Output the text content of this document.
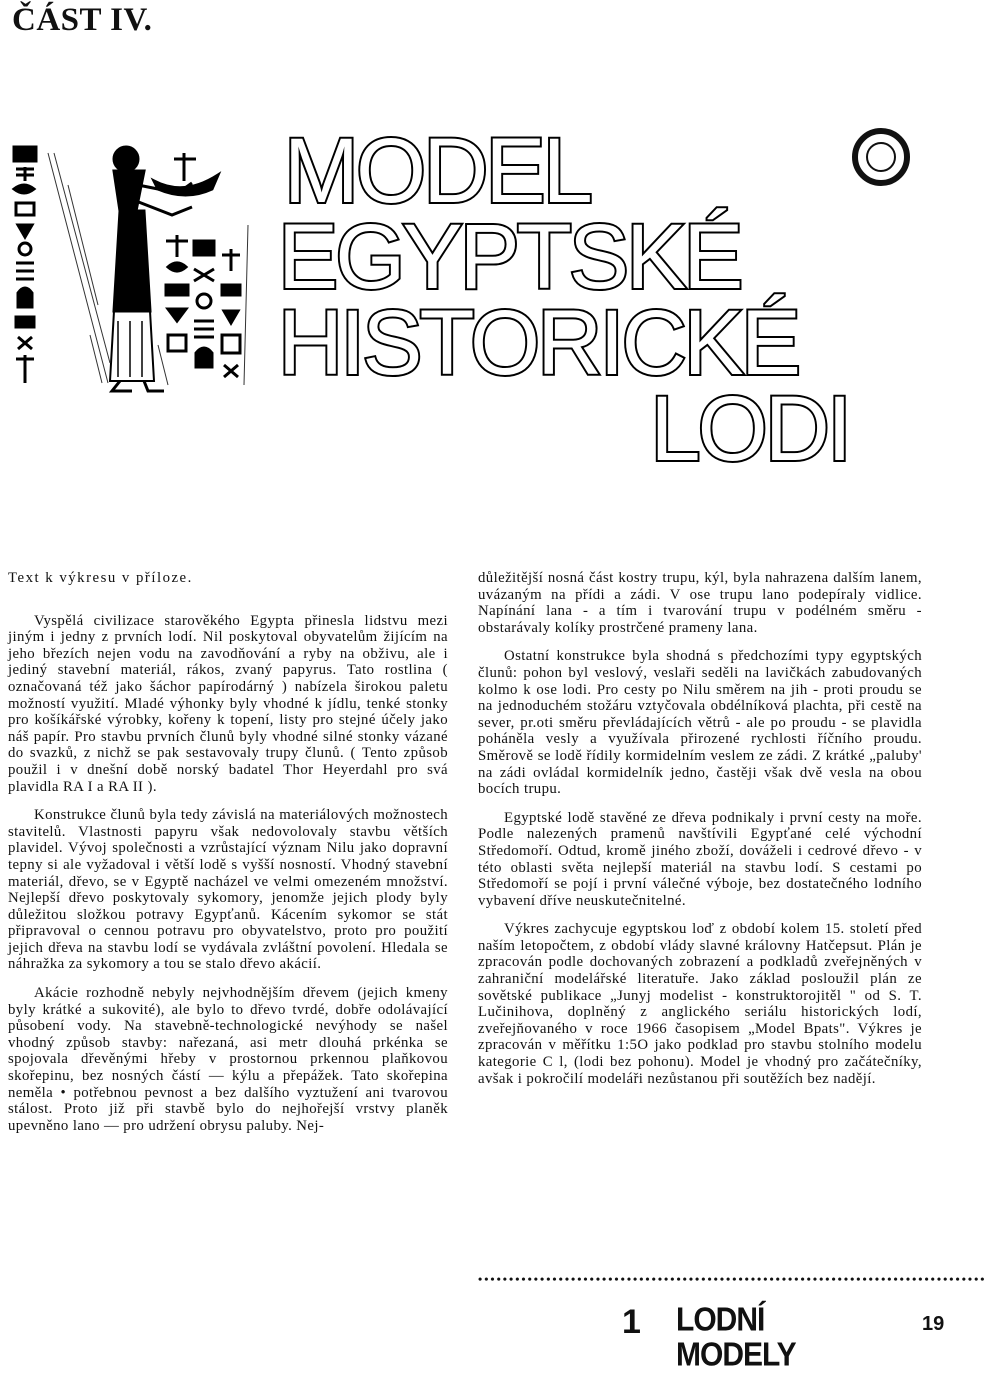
ČÁST IV.
MODEL
EGYPTSKÉ
HISTORICKÉ
LODI

Text k výkresu v příloze.

Vyspělá civilizace starověkého Egypta přinesla lidstvu mezi jiným i jedny z prvních lodí. Nil poskytoval obyvatelům žijícím na jeho březích nejen vodu na zavodňování a ryby na obživu, ale i jediný stavební materiál, rákos, zvaný papyrus. Tato rostlina ( označovaná též jako šáchor papírodárný ) nabízela širokou paletu možností využití. Mladé výhonky byly vhodné k jídlu, tenké stonky pro košíkářské výrobky, kořeny k topení, listy pro stejné účely jako náš papír. Pro stavbu prvních člunů byly vhodné silné stonky vázané do svazků, z nichž se pak sestavovaly trupy člunů. ( Tento způsob použil i v dnešní době norský badatel Thor Heyerdahl pro svá plavidla RA I a RA II ).

Konstrukce člunů byla tedy závislá na materiálových možnostech stavitelů. Vlastnosti papyru však nedovolovaly stavbu větších plavidel. Vývoj společnosti a vzrůstající význam Nilu jako dopravní tepny si ale vyžadoval i větší lodě s vyšší nosností. Vhodný stavební materiál, dřevo, se v Egyptě nacházel ve velmi omezeném množství. Nejlepší dřevo poskytovaly sykomory, jenomže jejich plody byly důležitou složkou potravy Egypťanů. Kácením sykomor se stát připravoval o cennou potravu pro obyvatelstvo, proto pro použití jejich dřeva na stavbu lodí se vydávala zvláštní povolení. Hledala se náhražka za sykomory a tou se stalo dřevo akácií.

Akácie rozhodně nebyly nejvhodnějším dřevem (jejich kmeny byly krátké a sukovité), ale bylo to dřevo tvrdé, dobře odolávající působení vody. Na stavebně-technologické nevýhody se našel vhodný způsob stavby: nařezaná, asi metr dlouhá prkénka se spojovala dřevěnými hřeby v prostornou prkennou plaňkovou skořepinu, bez nosných částí — kýlu a přepážek. Tato skořepina neměla • potřebnou pevnost a bez dalšího vyztužení ani tvarovou stálost. Proto již při stavbě bylo do nejhořejší vrstvy planěk upevněno lano — pro udržení obrysu paluby. Nej-

důležitější nosná část kostry trupu, kýl, byla nahrazena dalším lanem, uvázaným na přídi a zádi. V ose trupu lano podepíraly vidlice. Napínání lana - a tím i tvarování trupu v podélném směru - obstarávaly kolíky prostrčené prameny lana.

Ostatní konstrukce byla shodná s předchozími typy egyptských člunů: pohon byl veslový, veslaři seděli na lavičkách zabudovaných kolmo k ose lodi. Pro cesty po Nilu směrem na jih - proti proudu se na jednoduchém stožáru vztyčovala obdélníková plachta, při cestě na sever, pr.oti směru převládajících větrů - ale po proudu - se plavidla poháněla vesly a využívala přirozené rychlosti říčního proudu. Směrově se lodě řídily kormidelním veslem ze zádi. Z krátké „paluby' na zádi ovládal kormidelník jedno, častěji však dvě vesla na obou bocích trupu.

Egyptské lodě stavěné ze dřeva podnikaly i první cesty na moře. Podle nalezených pramenů navštívili Egypťané celé východní Středomoří. Odtud, kromě jiného zboží, dováželi i cedrové dřevo - v této oblasti světa nejlepší materiál na stavbu lodí. S cestami po Středomoří se pojí i první válečné výboje, bez dostatečného lodního vybavení dříve neuskutečnitelné.

Výkres zachycuje egyptskou loď z období kolem 15. století před naším letopočtem, z období vlády slavné královny Hatčepsut. Plán je zpracován podle dochovaných zobrazení a podkladů zveřejněných v zahraniční modelářské literatuře. Jako základ posloužil plán ze sovětské publikace „Junyj modelist - konstruktorojitěl " od S. T. Lučinihova, doplněný z anglického seriálu historických lodí, zveřejňovaného v roce 1966 časopisem „Model Bpats". Výkres je zpracován v měřítku 1:5O jako podklad pro stavbu stolního modelu kategorie C l, (lodi bez pohonu). Model je vhodný pro začátečníky, avšak i pokročilí modeláři nezůstanou při soutěžích bez nadějí.

••••••••••••••••••••••••••••••••••••••••••••••••••••••••••••••••••••••••••••••••••
1 LODNÍ MODELY
19
